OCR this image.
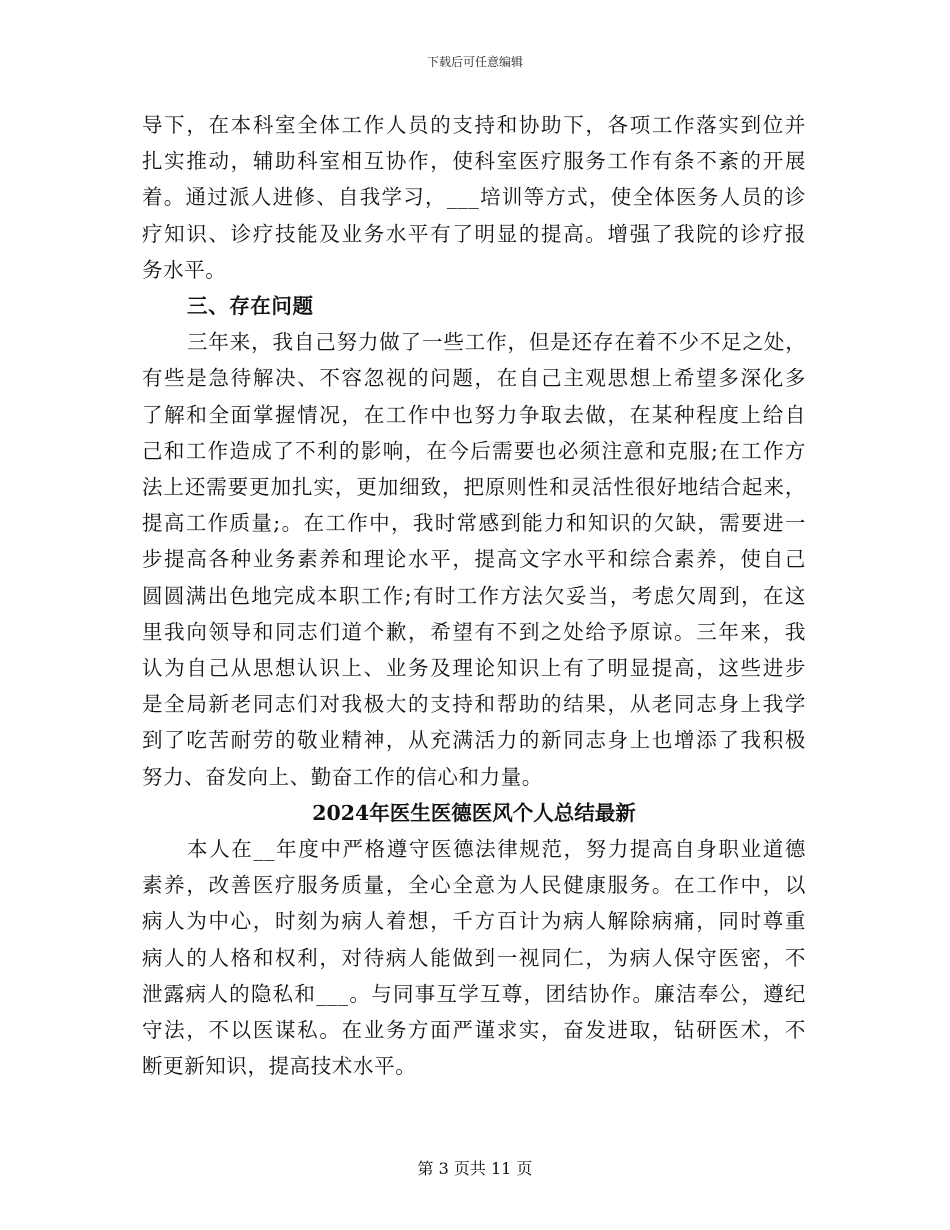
下载后可任意编辑
导下，在本科室全体工作人员的支持和协助下，各项工作落实到位并
扎实推动，辅助科室相互协作，使科室医疗服务工作有条不紊的开展
着。通过派人进修、自我学习，___培训等方式，使全体医务人员的诊
疗知识、诊疗技能及业务水平有了明显的提高。增强了我院的诊疗报
务水平。
三、存在问题
三年来，我自己努力做了一些工作，但是还存在着不少不足之处，
有些是急待解决、不容忽视的问题，在自己主观思想上希望多深化多
了解和全面掌握情况，在工作中也努力争取去做，在某种程度上给自
己和工作造成了不利的影响，在今后需要也必须注意和克服;在工作方
法上还需要更加扎实，更加细致，把原则性和灵活性很好地结合起来，
提高工作质量;。在工作中，我时常感到能力和知识的欠缺，需要进一
步提高各种业务素养和理论水平，提高文字水平和综合素养，使自己
圆圆满出色地完成本职工作;有时工作方法欠妥当，考虑欠周到，在这
里我向领导和同志们道个歉，希望有不到之处给予原谅。三年来，我
认为自己从思想认识上、业务及理论知识上有了明显提高，这些进步
是全局新老同志们对我极大的支持和帮助的结果，从老同志身上我学
到了吃苦耐劳的敬业精神，从充满活力的新同志身上也增添了我积极
努力、奋发向上、勤奋工作的信心和力量。
2024年医生医德医风个人总结最新
本人在__年度中严格遵守医德法律规范，努力提高自身职业道德
素养，改善医疗服务质量，全心全意为人民健康服务。在工作中，以
病人为中心，时刻为病人着想，千方百计为病人解除病痛，同时尊重
病人的人格和权利，对待病人能做到一视同仁，为病人保守医密，不
泄露病人的隐私和___。与同事互学互尊，团结协作。廉洁奉公，遵纪
守法，不以医谋私。在业务方面严谨求实，奋发进取，钻研医术，不
断更新知识，提高技术水平。
第 3 页共 11 页
